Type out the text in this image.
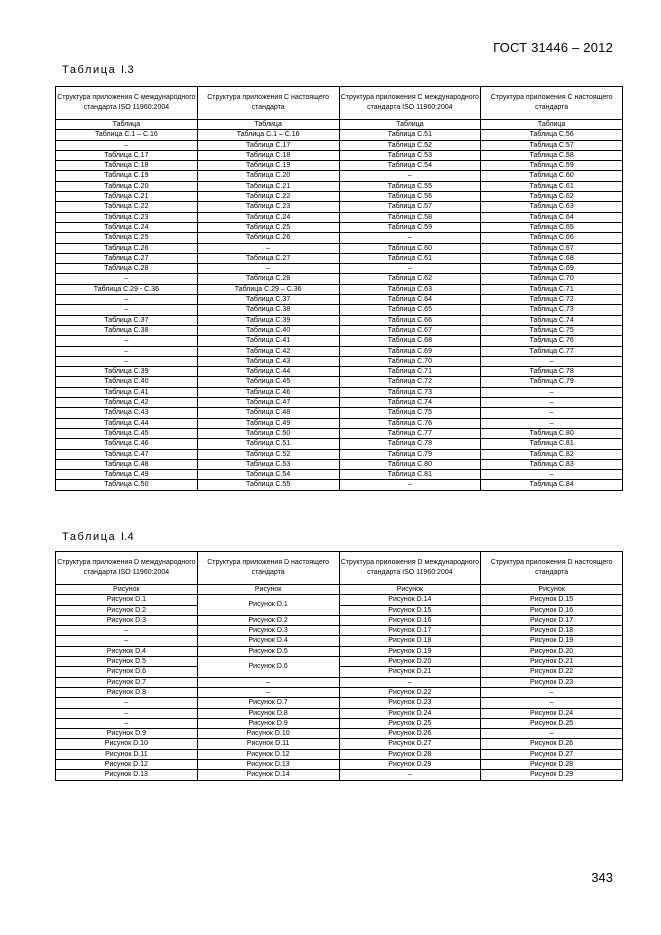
ГОСТ 31446 – 2012
Таблица I.3
Структура приложения С международного стандарта ISO 11960:2004	Структура приложения С настоящего стандарта	Структура приложения С международного стандарта ISO 11960:2004	Структура приложения С настоящего стандарта
Таблица	Таблица	Таблица	Таблица
Таблица С.1 – С.16	Таблица С.1 – С.16	Таблица С.51	Таблица С.56
–	Таблица С.17	Таблица С.52	Таблица С.57
Таблица С.17	Таблица С.18	Таблица С.53	Таблица С.58
Таблица С.18	Таблица С.19	Таблица С.54	Таблица С.59
Таблица С.19	Таблица С.20	–	Таблица С.60
Таблица С.20	Таблица С.21	Таблица С.55	Таблица С.61
Таблица С.21	Таблица С.22	Таблица С.56	Таблица С.62
Таблица С.22	Таблица С.23	Таблица С.57	Таблица С.63
Таблица С.23	Таблица С.24	Таблица С.58	Таблица С.64
Таблица С.24	Таблица С.25	Таблица С.59	Таблица С.65
Таблица С.25	Таблица С.26	–	Таблица С.66
Таблица С.26	–	Таблица С.60	Таблица С.67
Таблица С.27	Таблица С.27	Таблица С.61	Таблица С.68
Таблица С.28	–	–	Таблица С.69
–	Таблица С.28	Таблица С.62	Таблица С.70
Таблица С.29 - С.36	Таблица С.29 – С.36	Таблица С.63	Таблица С.71
–	Таблица С.37	Таблица С.64	Таблица С.72
–	Таблица С.38	Таблица С.65	Таблица С.73
Таблица С.37	Таблица С.39	Таблица С.66	Таблица С.74
Таблица С.38	Таблица С.40	Таблица С.67	Таблица С.75
–	Таблица С.41	Таблица С.68	Таблица С.76
–	Таблица С.42	Таблица С.69	Таблица С.77
–	Таблица С.43	Таблица С.70	–
Таблица С.39	Таблица С.44	Таблица С.71	Таблица С.78
Таблица С.40	Таблица С.45	Таблица С.72	Таблица С.79
Таблица С.41	Таблица С.46	Таблица С.73	–
Таблица С.42	Таблица С.47	Таблица С.74	–
Таблица С.43	Таблица С.48	Таблица С.75	–
Таблица С.44	Таблица С.49	Таблица С.76	–
Таблица С.45	Таблица С.50	Таблица С.77	Таблица С.80
Таблица С.46	Таблица С.51	Таблица С.78	Таблица С.81
Таблица С.47	Таблица С.52	Таблица С.79	Таблица С.82
Таблица С.48	Таблица С.53	Таблица С.80	Таблица С.83
Таблица С.49	Таблица С.54	Таблица С.81	–
Таблица С.50	Таблица С.55	–	Таблица С.84
Таблица I.4
Структура приложения D международного стандарта ISO 11960:2004	Структура приложения D настоящего стандарта	Структура приложения D международного стандарта ISO 11960:2004	Структура приложения D настоящего стандарта
Рисунок	Рисунок	Рисунок	Рисунок
Рисунок D.1	Рисунок D.1	Рисунок D.14	Рисунок D.15
Рисунок D.2		Рисунок D.15	Рисунок D.16
Рисунок D.3	Рисунок D.2	Рисунок D.16	Рисунок D.17
–	Рисунок D.3	Рисунок D.17	Рисунок D.18
–	Рисунок D.4	Рисунок D.18	Рисунок D.19
Рисунок D.4	Рисунок D.5	Рисунок D.19	Рисунок D.20
Рисунок D.5	Рисунок D.6	Рисунок D.20	Рисунок D.21
Рисунок D.6		Рисунок D.21	Рисунок D.22
Рисунок D.7	–	–	Рисунок D.23
Рисунок D.8	–	Рисунок D.22	–
–	Рисунок D.7	Рисунок D.23	–
–	Рисунок D.8	Рисунок D.24	Рисунок D.24
–	Рисунок D.9	Рисунок D.25	Рисунок D.25
Рисунок D.9	Рисунок D.10	Рисунок D.26	–
Рисунок D.10	Рисунок D.11	Рисунок D.27	Рисунок D.26
Рисунок D.11	Рисунок D.12	Рисунок D.28	Рисунок D.27
Рисунок D.12	Рисунок D.13	Рисунок D.29	Рисунок D.28
Рисунок D.13	Рисунок D.14	–	Рисунок D.29
343
